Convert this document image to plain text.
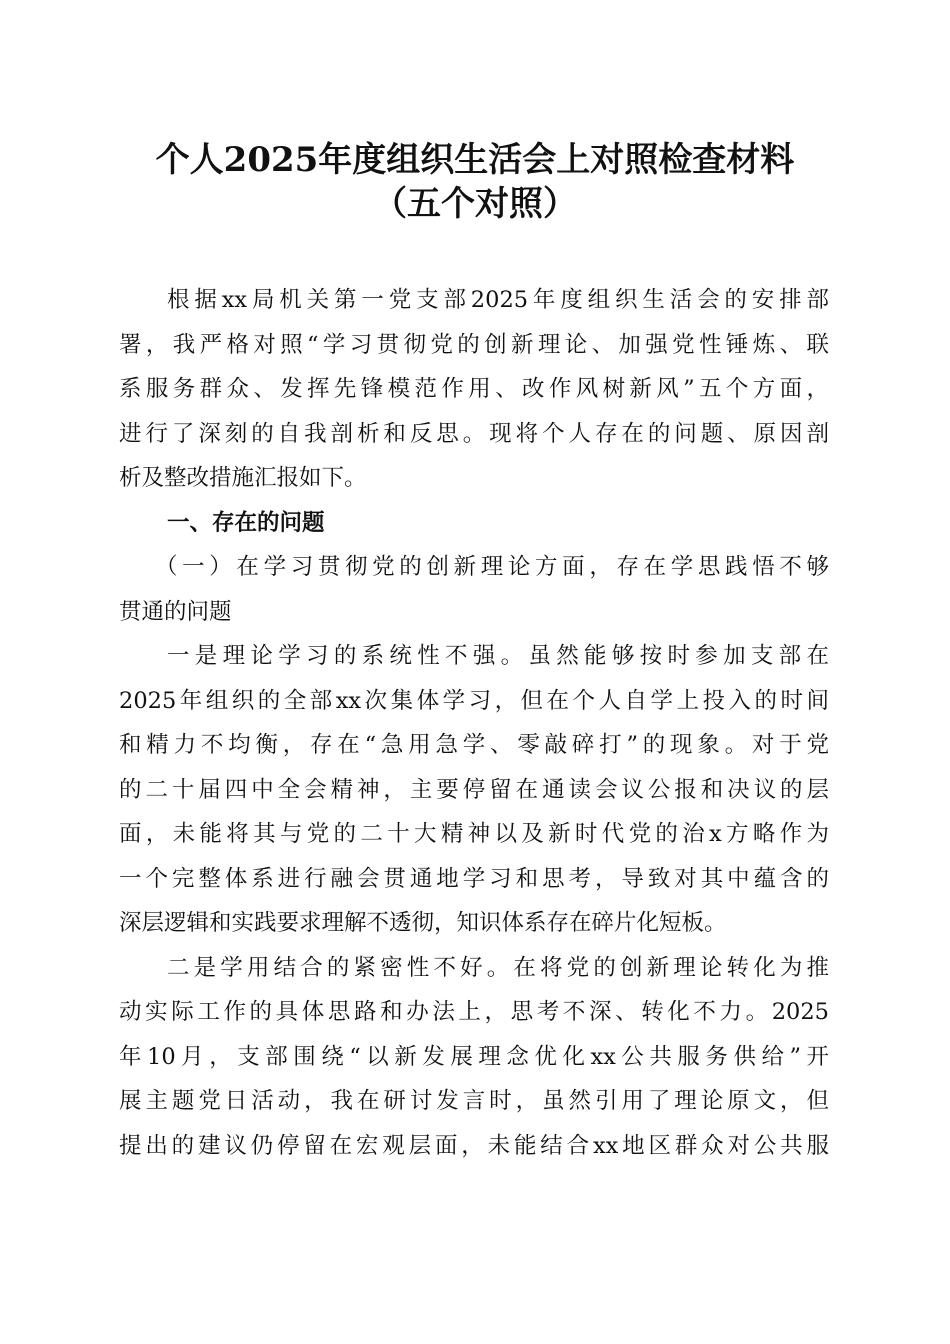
个人2025年度组织生活会上对照检查材料
（五个对照）
根据xx局机关第一党支部2025年度组织生活会的安排部
署，我严格对照“学习贯彻党的创新理论、加强党性锤炼、联
系服务群众、发挥先锋模范作用、改作风树新风”五个方面，
进行了深刻的自我剖析和反思。现将个人存在的问题、原因剖
析及整改措施汇报如下。
一、存在的问题
（一）在学习贯彻党的创新理论方面，存在学思践悟不够
贯通的问题
一是理论学习的系统性不强。虽然能够按时参加支部在
2025年组织的全部xx次集体学习，但在个人自学上投入的时间
和精力不均衡，存在“急用急学、零敲碎打”的现象。对于党
的二十届四中全会精神，主要停留在通读会议公报和决议的层
面，未能将其与党的二十大精神以及新时代党的治x方略作为
一个完整体系进行融会贯通地学习和思考，导致对其中蕴含的
深层逻辑和实践要求理解不透彻，知识体系存在碎片化短板。
二是学用结合的紧密性不好。在将党的创新理论转化为推
动实际工作的具体思路和办法上，思考不深、转化不力。2025
年10月，支部围绕“以新发展理念优化xx公共服务供给”开
展主题党日活动，我在研讨发言时，虽然引用了理论原文，但
提出的建议仍停留在宏观层面，未能结合xx地区群众对公共服
